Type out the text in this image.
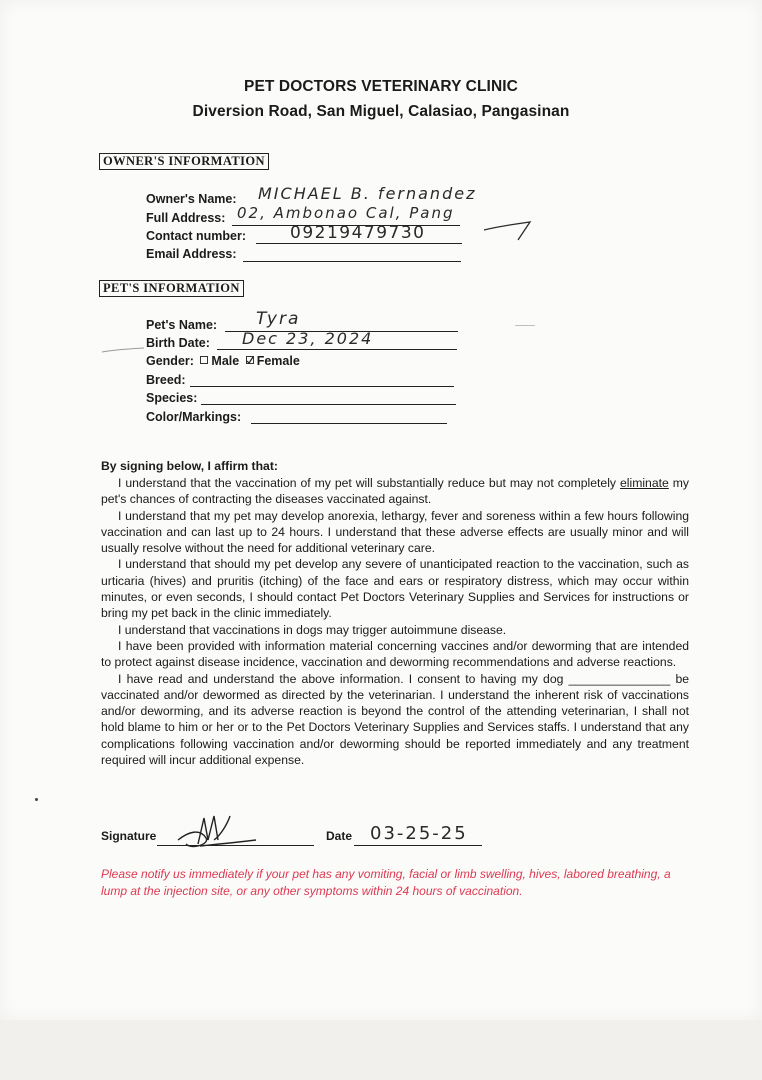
PET DOCTORS VETERINARY CLINIC
Diversion Road, San Miguel, Calasiao, Pangasinan
OWNER'S INFORMATION
Owner's Name:
Full Address:
Contact number:
Email Address:
MICHAEL B. fernandez
02, Ambonao Cal, Pang
09219479730
PET'S INFORMATION
Pet's Name:
Birth Date:
Gender: Male Female
Breed:
Species:
Color/Markings:
Tyra
Dec 23, 2024
By signing below, I affirm that:

I understand that the vaccination of my pet will substantially reduce but may not completely eliminate my pet's chances of contracting the diseases vaccinated against.

I understand that my pet may develop anorexia, lethargy, fever and soreness within a few hours following vaccination and can last up to 24 hours. I understand that these adverse effects are usually minor and will usually resolve without the need for additional veterinary care.

I understand that should my pet develop any severe of unanticipated reaction to the vaccination, such as urticaria (hives) and pruritis (itching) of the face and ears or respiratory distress, which may occur within minutes, or even seconds, I should contact Pet Doctors Veterinary Supplies and Services for instructions or bring my pet back in the clinic immediately.

I understand that vaccinations in dogs may trigger autoimmune disease.

I have been provided with information material concerning vaccines and/or deworming that are intended to protect against disease incidence, vaccination and deworming recommendations and adverse reactions.

I have read and understand the above information. I consent to having my dog _______________ be vaccinated and/or dewormed as directed by the veterinarian. I understand the inherent risk of vaccinations and/or deworming, and its adverse reaction is beyond the control of the attending veterinarian, I shall not hold blame to him or her or to the Pet Doctors Veterinary Supplies and Services staffs. I understand that any complications following vaccination and/or deworming should be reported immediately and any treatment required will incur additional expense.

Signature	Date 03-25-25
Please notify us immediately if your pet has any vomiting, facial or limb swelling, hives, labored breathing, a lump at the injection site, or any other symptoms within 24 hours of vaccination.
